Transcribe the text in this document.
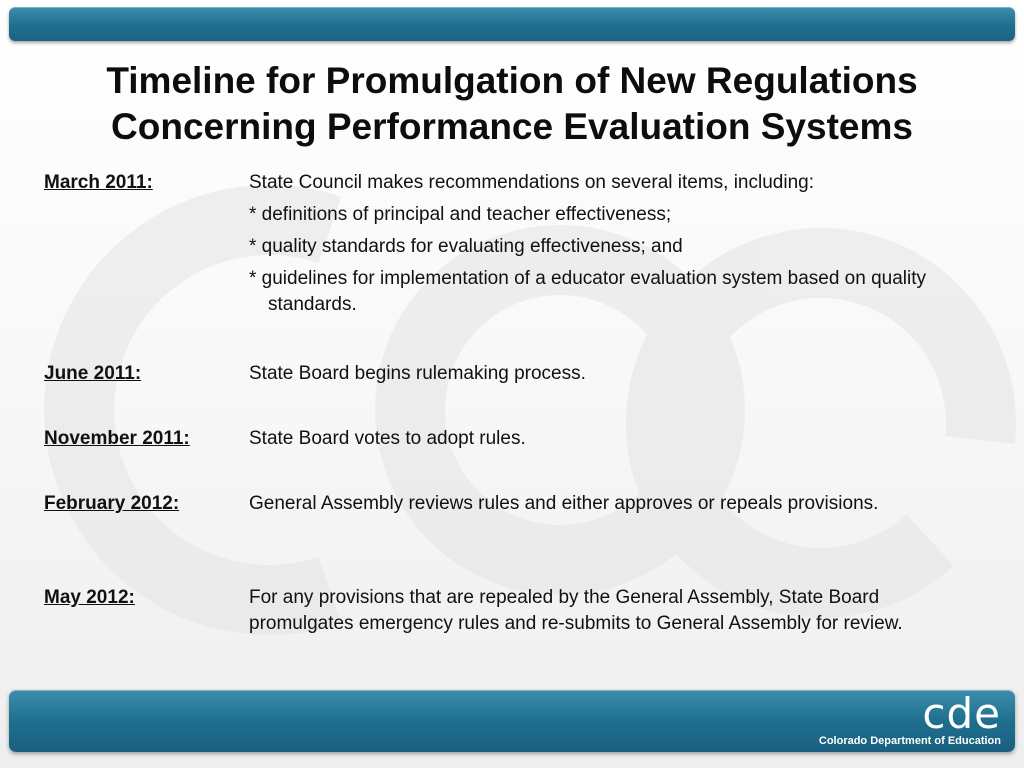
Timeline for Promulgation of New Regulations Concerning Performance Evaluation Systems
March 2011:	State Council makes recommendations on several items, including:
* definitions of principal and teacher effectiveness;
* quality standards for evaluating effectiveness; and
* guidelines for implementation of a educator evaluation system based on quality standards.
June 2011:	State Board begins rulemaking process.
November 2011:	State Board votes to adopt rules.
February 2012:	General Assembly reviews rules and either approves or repeals provisions.
May 2012:	For any provisions that are repealed by the General Assembly, State Board promulgates emergency rules and re-submits to General Assembly for review.
cde
Colorado Department of Education
